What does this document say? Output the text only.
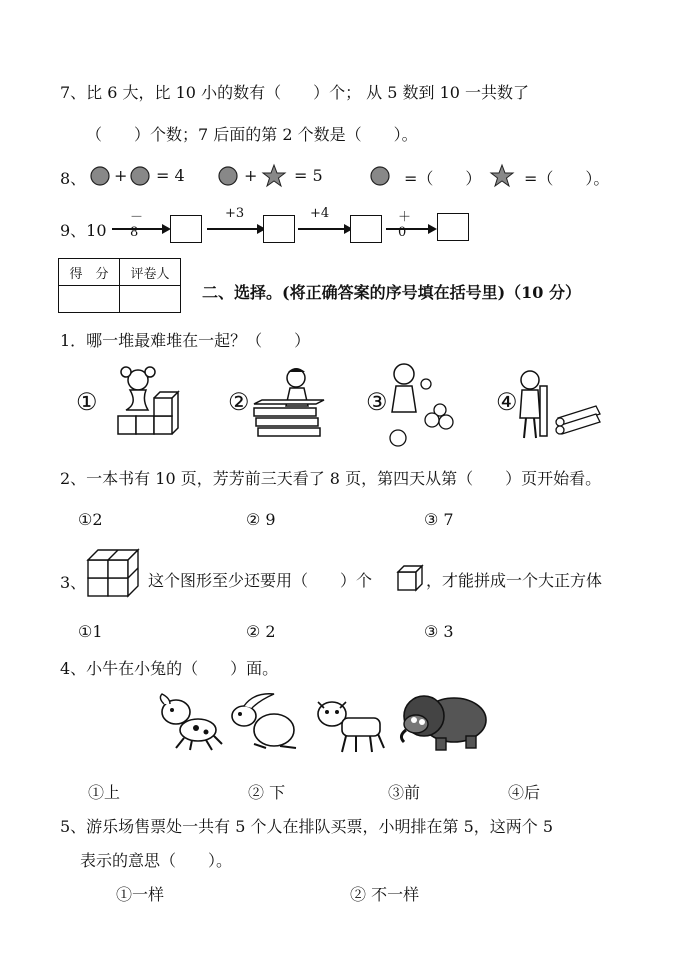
7、比 6 大，比 10 小的数有（　　）个； 从 5 数到 10 一共数了
（　　）个数；7 后面的第 2 个数是（　　）。
8、 + = 4	+ = 5	=（　　）	=（　　）。
9、10
－8
+3	+4	＋0
得　分	评卷人

二、选择。(将正确答案的序号填在括号里)（10 分）
1．哪一堆最难堆在一起？（　　）
①	②	③	④
2、一本书有 10 页，芳芳前三天看了 8 页，第四天从第（　　）页开始看。
①2	② 9	③ 7
3、	这个图形至少还要用（　　）个	，才能拼成一个大正方体
①1	② 2	③ 3
4、小牛在小兔的（　　）面。
①上	② 下	③前	④后
5、游乐场售票处一共有 5 个人在排队买票，小明排在第 5，这两个 5
表示的意思（　　）。
①一样	② 不一样
